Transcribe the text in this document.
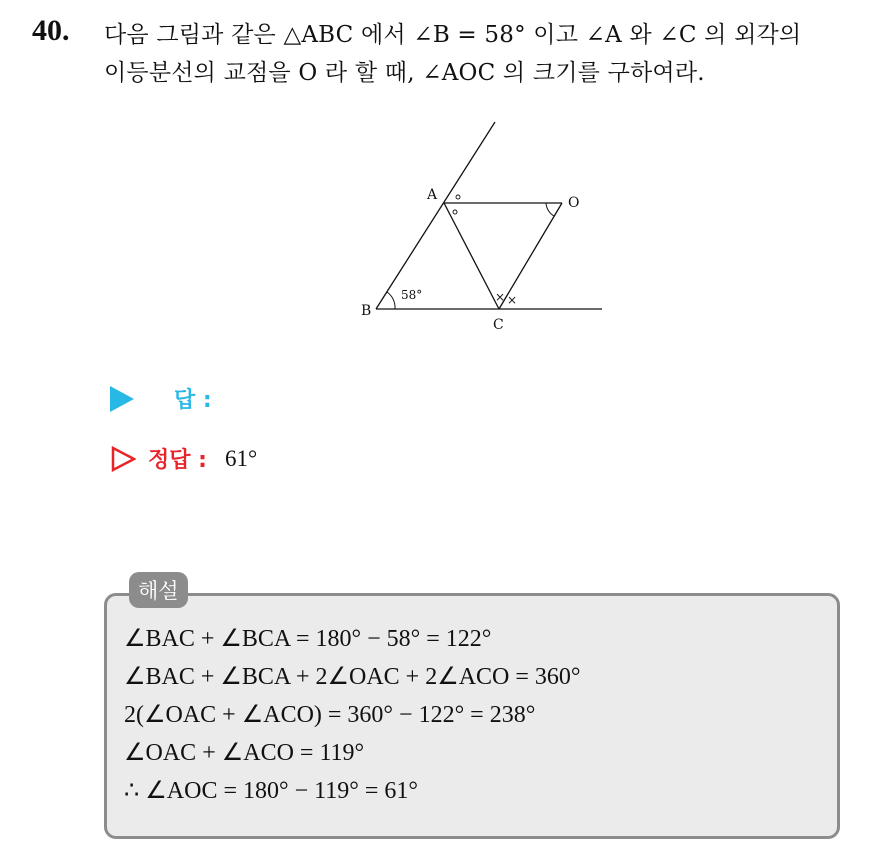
40. 다음 그림과 같은 △ABC 에서 ∠B = 58° 이고 ∠A 와 ∠C 의 외각의
이등분선의 교점을 O 라 할 때, ∠AOC 의 크기를 구하여라.
× ×
A
B
C
O
58°
답 :
정답 : 61°
해설
∠BAC + ∠BCA = 180° − 58° = 122°
∠BAC + ∠BCA + 2∠OAC + 2∠ACO = 360°
2(∠OAC + ∠ACO) = 360° − 122° = 238°
∠OAC + ∠ACO = 119°
∴ ∠AOC = 180° − 119° = 61°
